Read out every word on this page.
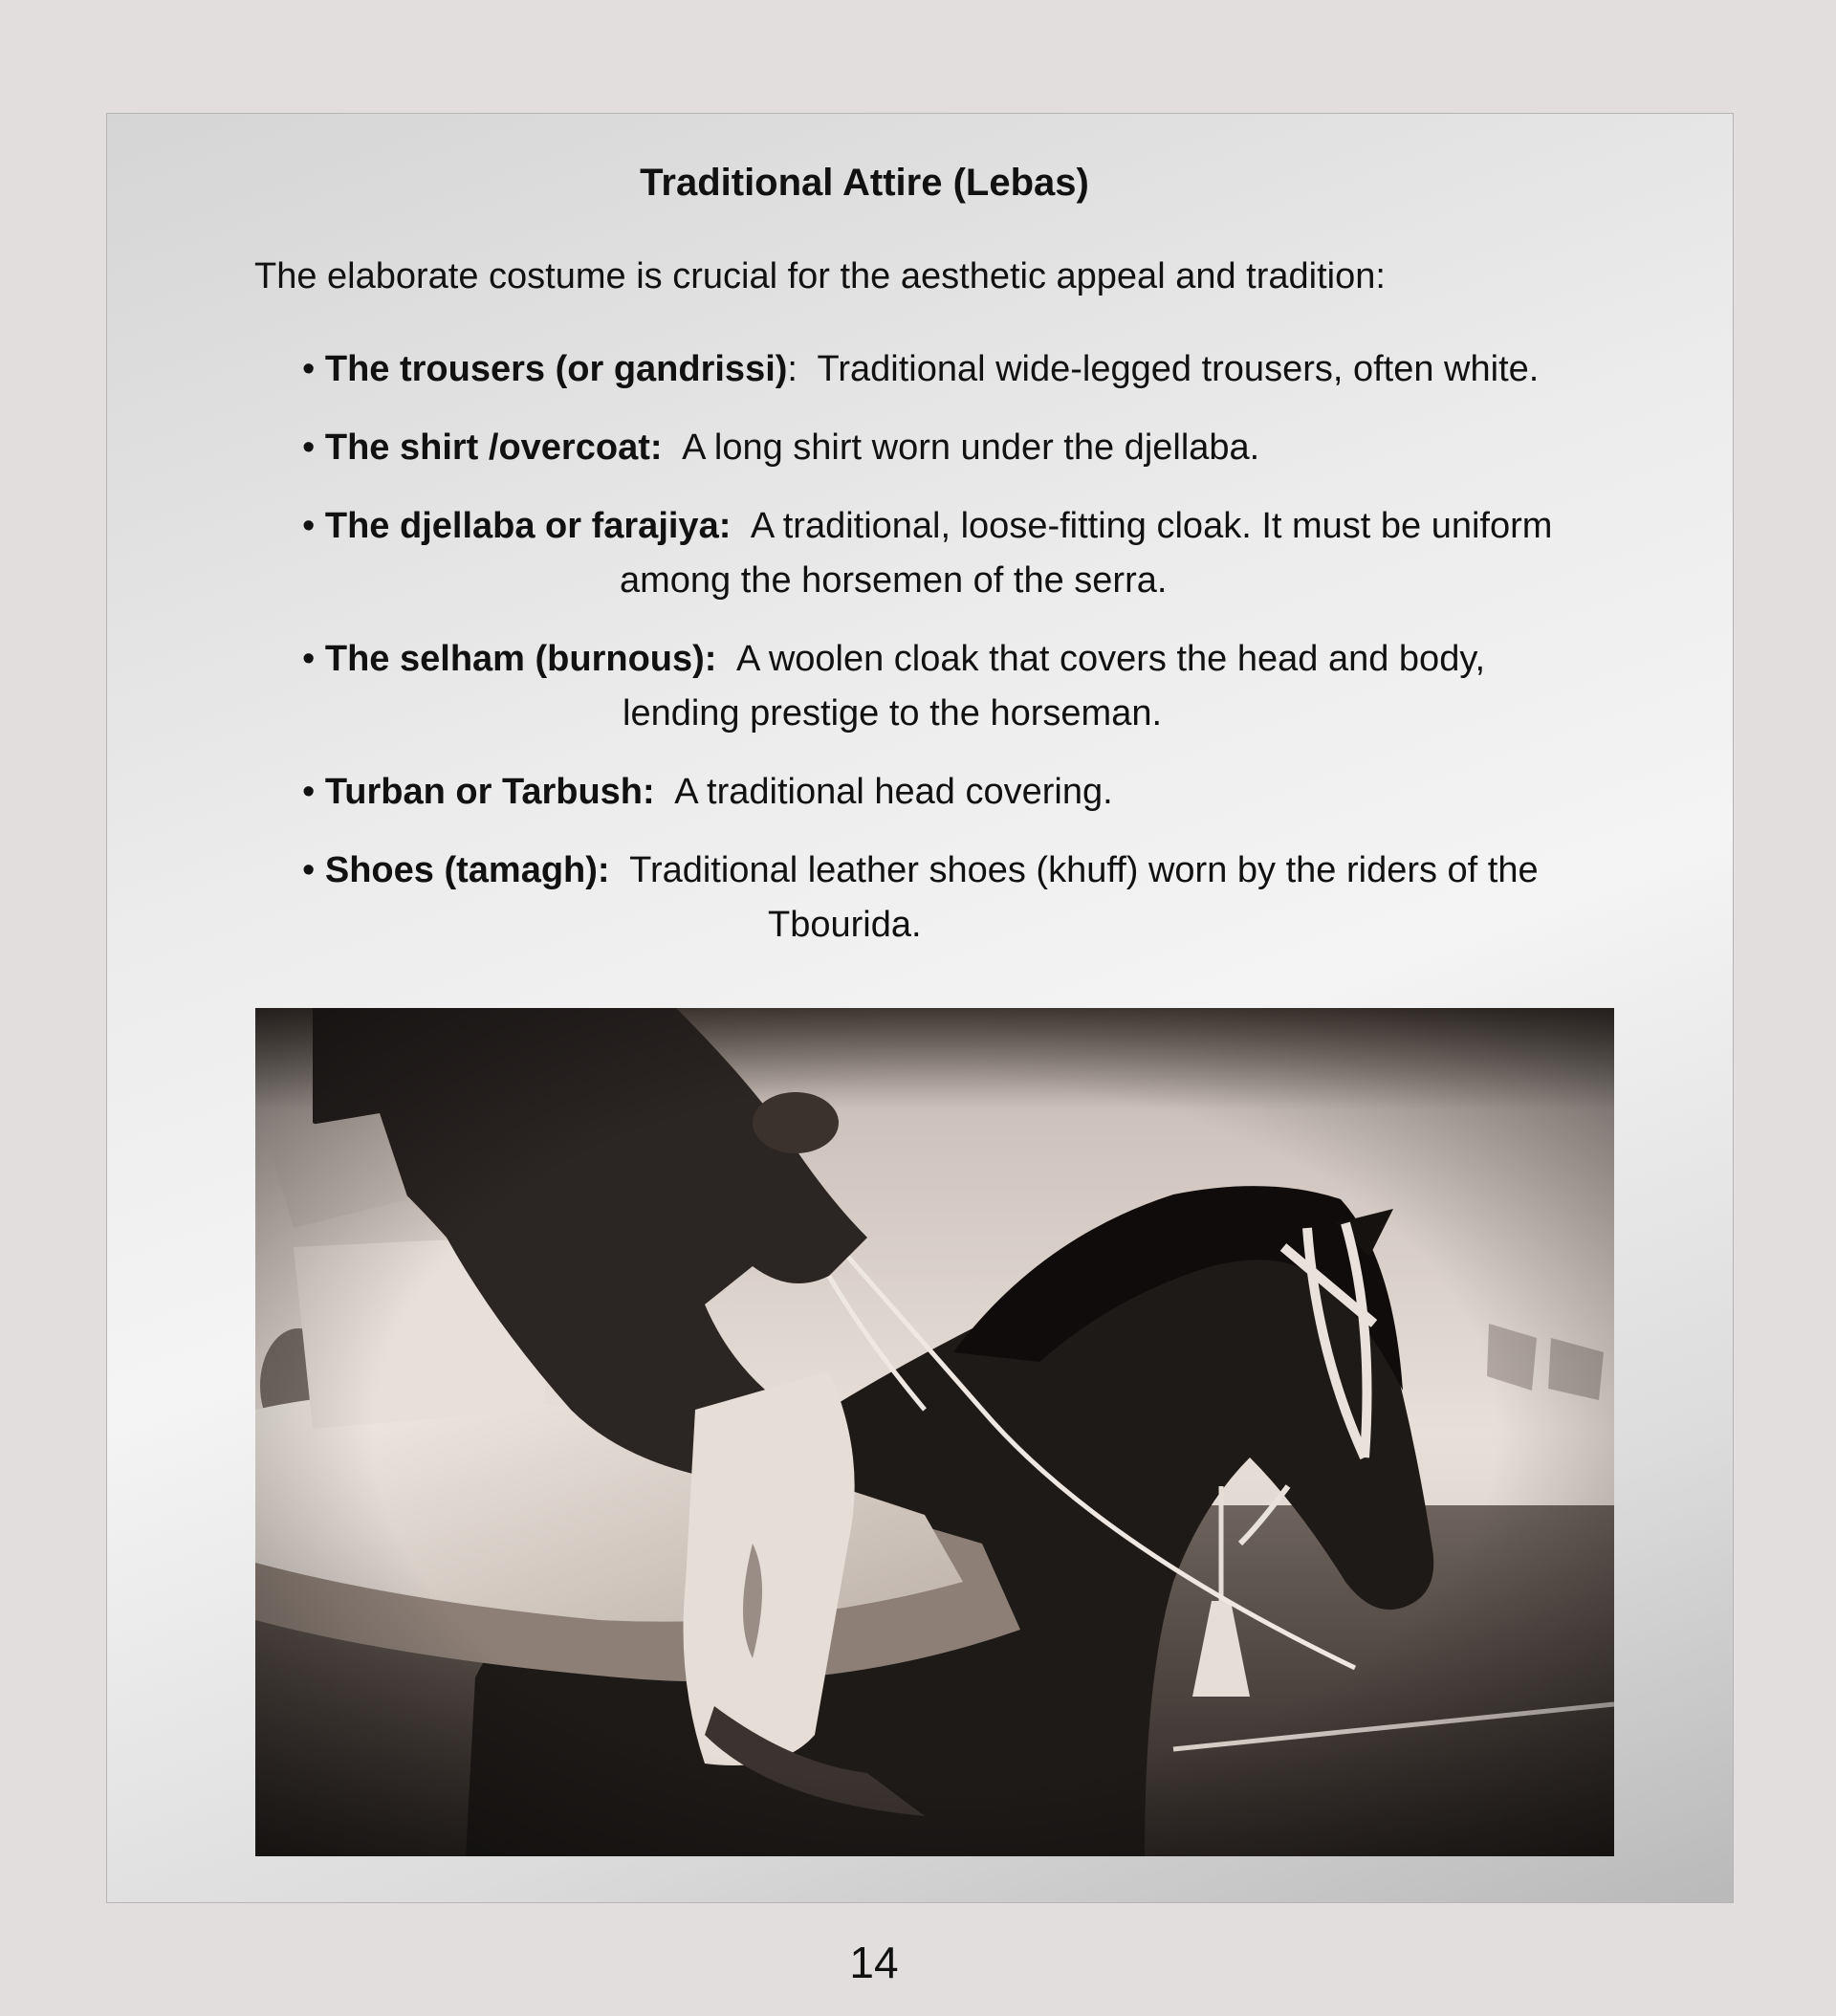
Traditional Attire (Lebas)
The elaborate costume is crucial for the aesthetic appeal and tradition:
• The trousers (or gandrissi): Traditional wide-legged trousers, often white.
• The shirt /overcoat: A long shirt worn under the djellaba.
• The djellaba or farajiya: A traditional, loose-fitting cloak. It must be uniform
among the horsemen of the serra.
• The selham (burnous): A woolen cloak that covers the head and body,
lending prestige to the horseman.
• Turban or Tarbush: A traditional head covering.
• Shoes (tamagh): Traditional leather shoes (khuff) worn by the riders of the
Tbourida.
14
